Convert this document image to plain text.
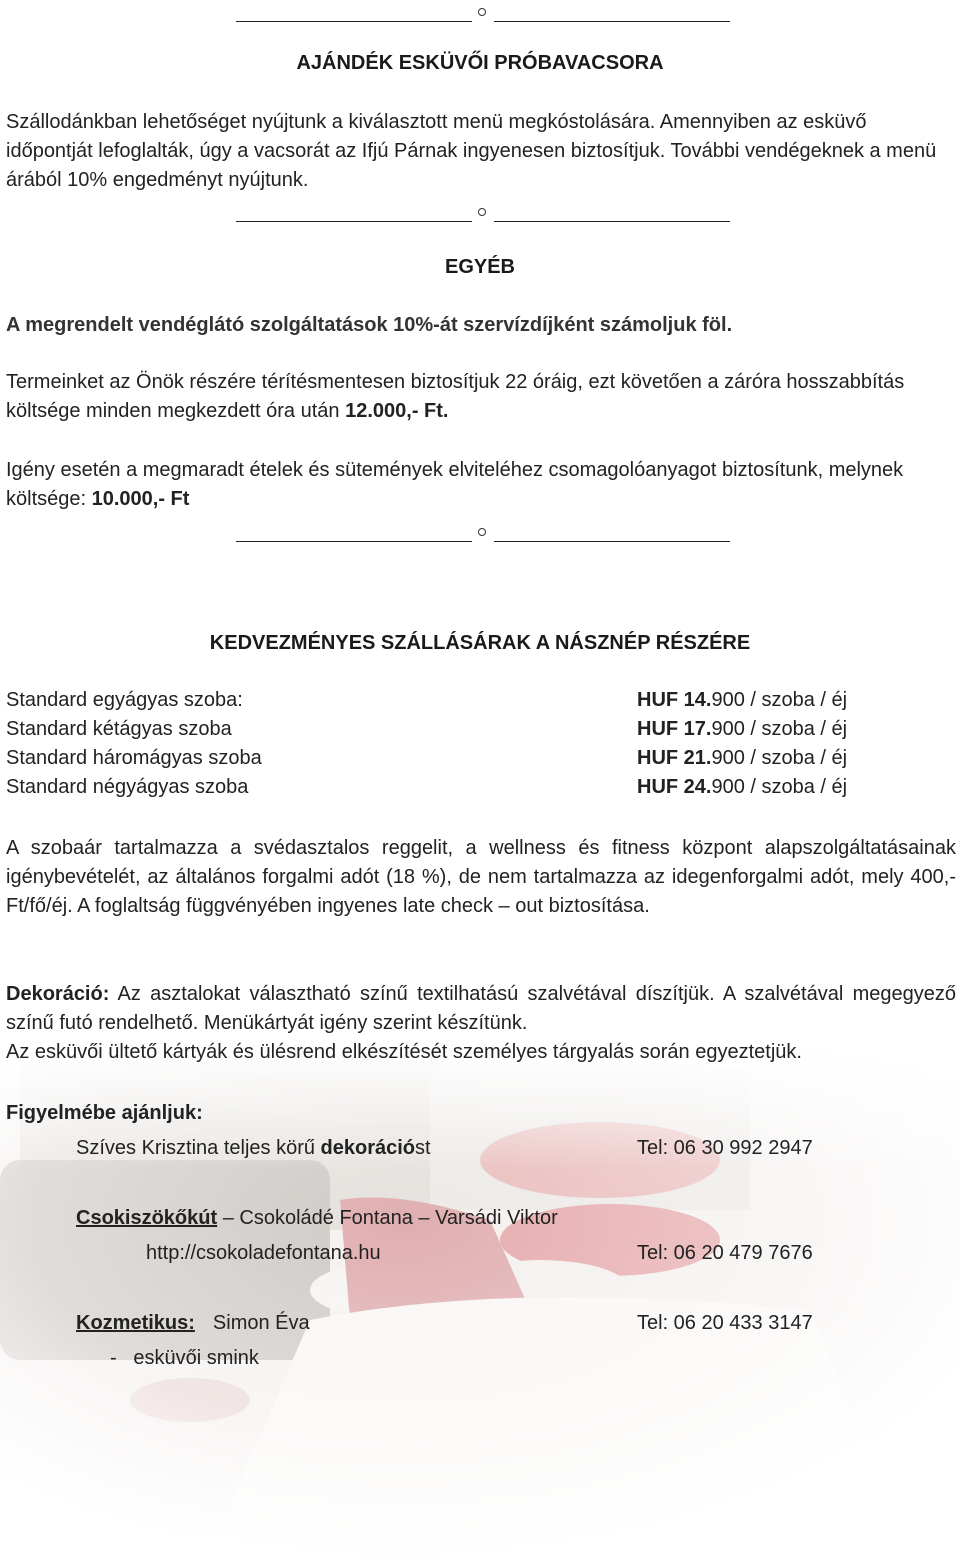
AJÁNDÉK ESKÜVŐI PRÓBAVACSORA
Szállodánkban lehetőséget nyújtunk a kiválasztott menü megkóstolására. Amennyiben az esküvő időpontját lefoglalták, úgy a vacsorát az Ifjú Párnak ingyenesen biztosítjuk. További vendégeknek a menü árából 10% engedményt nyújtunk.
EGYÉB
A megrendelt vendéglátó szolgáltatások 10%-át szervízdíjként számoljuk föl.
Termeinket az Önök részére térítésmentesen biztosítjuk 22 óráig, ezt követően a záróra hosszabbítás költsége minden megkezdett óra után 12.000,- Ft.
Igény esetén a megmaradt ételek és sütemények elviteléhez csomagolóanyagot biztosítunk, melynek költsége: 10.000,- Ft
KEDVEZMÉNYES SZÁLLÁSÁRAK A NÁSZNÉP RÉSZÉRE
Standard egyágyas szoba:	HUF 14.900 / szoba / éj
Standard kétágyas szoba	HUF 17.900 / szoba / éj
Standard háromágyas szoba	HUF 21.900 / szoba / éj
Standard négyágyas szoba	HUF 24.900 / szoba / éj
A szobaár tartalmazza a svédasztalos reggelit, a wellness és fitness központ alapszolgáltatásainak igénybevételét, az általános forgalmi adót (18 %), de nem tartalmazza az idegenforgalmi adót, mely 400,-Ft/fő/éj. A foglaltság függvényében ingyenes late check – out biztosítása.
Dekoráció: Az asztalokat választható színű textilhatású szalvétával díszítjük. A szalvétával megegyező színű futó rendelhető. Menükártyát igény szerint készítünk.
Az esküvői ültető kártyák és ülésrend elkészítését személyes tárgyalás során egyeztetjük.
Figyelmébe ajánljuk:
Szíves Krisztina teljes körű dekorációst	Tel: 06 30 992 2947
Csokiszökőkút – Csokoládé Fontana – Varsádi Viktor
http://csokoladefontana.hu	Tel: 06 20 479 7676
Kozmetikus: Simon Éva	Tel: 06 20 433 3147
-   esküvői smink
